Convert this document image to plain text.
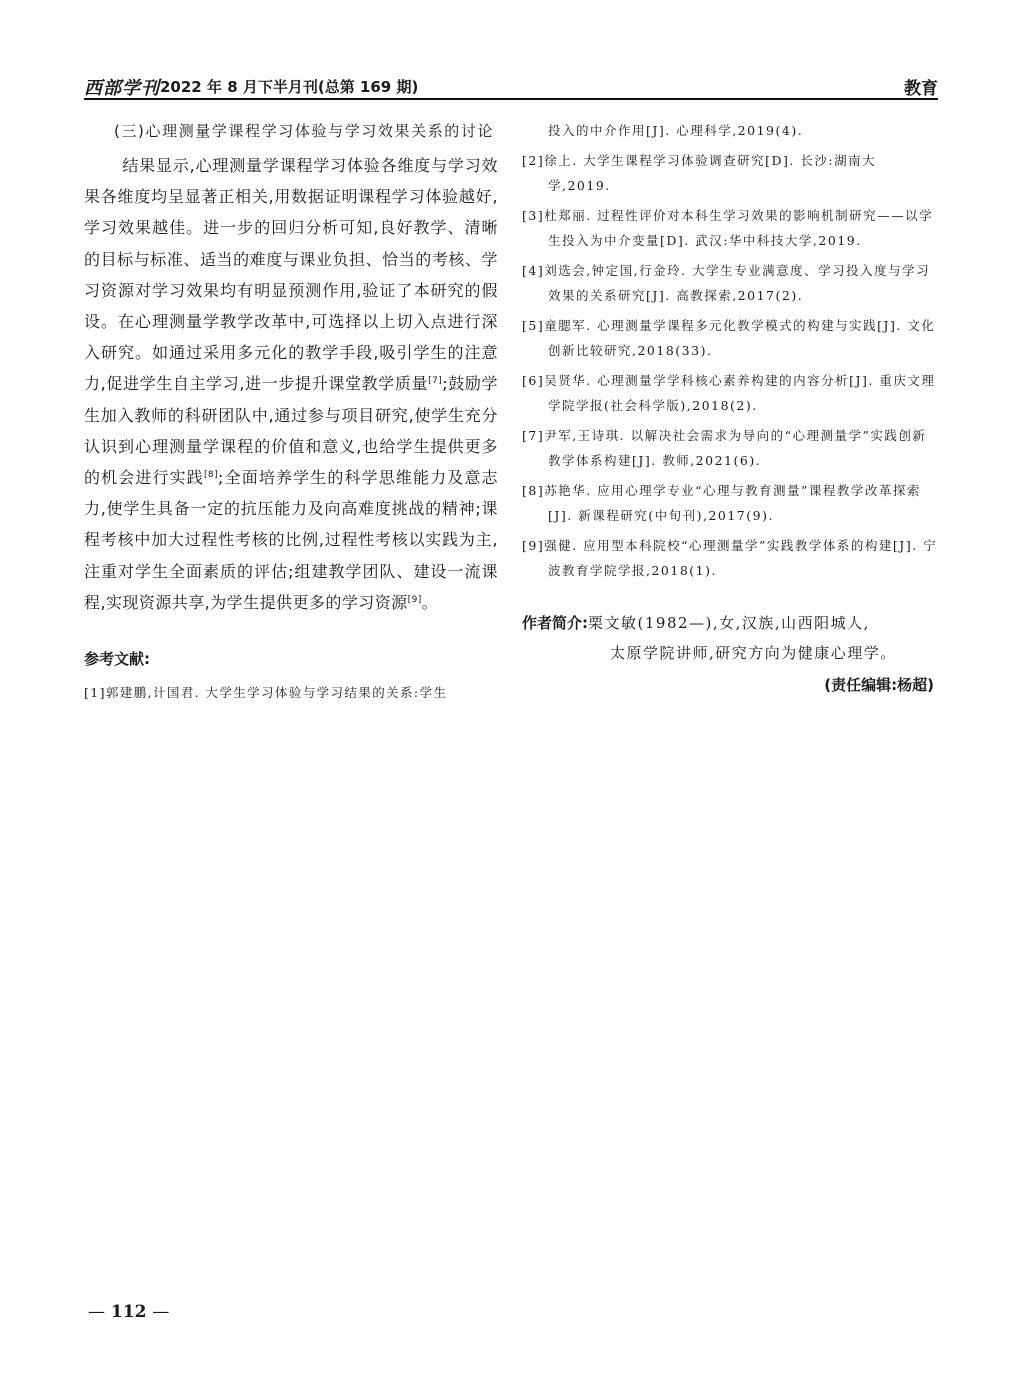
西部学刊 2022 年 8 月下半月刊(总第 169 期)	教育

(三)心理测量学课程学习体验与学习效果关系的讨论

结果显示,心理测量学课程学习体验各维度与学习效果各维度均呈显著正相关,用数据证明课程学习体验越好,学习效果越佳。进一步的回归分析可知,良好教学、清晰的目标与标准、适当的难度与课业负担、恰当的考核、学习资源对学习效果均有明显预测作用,验证了本研究的假设。在心理测量学教学改革中,可选择以上切入点进行深入研究。如通过采用多元化的教学手段,吸引学生的注意力,促进学生自主学习,进一步提升课堂教学质量[7];鼓励学生加入教师的科研团队中,通过参与项目研究,使学生充分认识到心理测量学课程的价值和意义,也给学生提供更多的机会进行实践[8];全面培养学生的科学思维能力及意志力,使学生具备一定的抗压能力及向高难度挑战的精神;课程考核中加大过程性考核的比例,过程性考核以实践为主,注重对学生全面素质的评估;组建教学团队、建设一流课程,实现资源共享,为学生提供更多的学习资源[9]。

参考文献:

[1]郭建鹏,计国君. 大学生学习体验与学习结果的关系:学生

投入的中介作用[J]. 心理科学,2019(4).

[2]徐上. 大学生课程学习体验调查研究[D]. 长沙:湖南大学,2019.

[3]杜郑丽. 过程性评价对本科生学习效果的影响机制研究——以学生投入为中介变量[D]. 武汉:华中科技大学,2019.

[4]刘选会,钟定国,行金玲. 大学生专业满意度、学习投入度与学习效果的关系研究[J]. 高教探索,2017(2).

[5]童腮军. 心理测量学课程多元化教学模式的构建与实践[J]. 文化创新比较研究,2018(33).

[6]吴贤华. 心理测量学学科核心素养构建的内容分析[J]. 重庆文理学院学报(社会科学版),2018(2).

[7]尹军,王诗琪. 以解决社会需求为导向的“心理测量学”实践创新教学体系构建[J]. 教师,2021(6).

[8]苏艳华. 应用心理学专业“心理与教育测量”课程教学改革探索[J]. 新课程研究(中旬刊),2017(9).

[9]强健. 应用型本科院校“心理测量学”实践教学体系的构建[J]. 宁波教育学院学报,2018(1).

作者简介:栗文敏(1982—),女,汉族,山西阳城人,
太原学院讲师,研究方向为健康心理学。
(责任编辑:杨超)
— 112 —
